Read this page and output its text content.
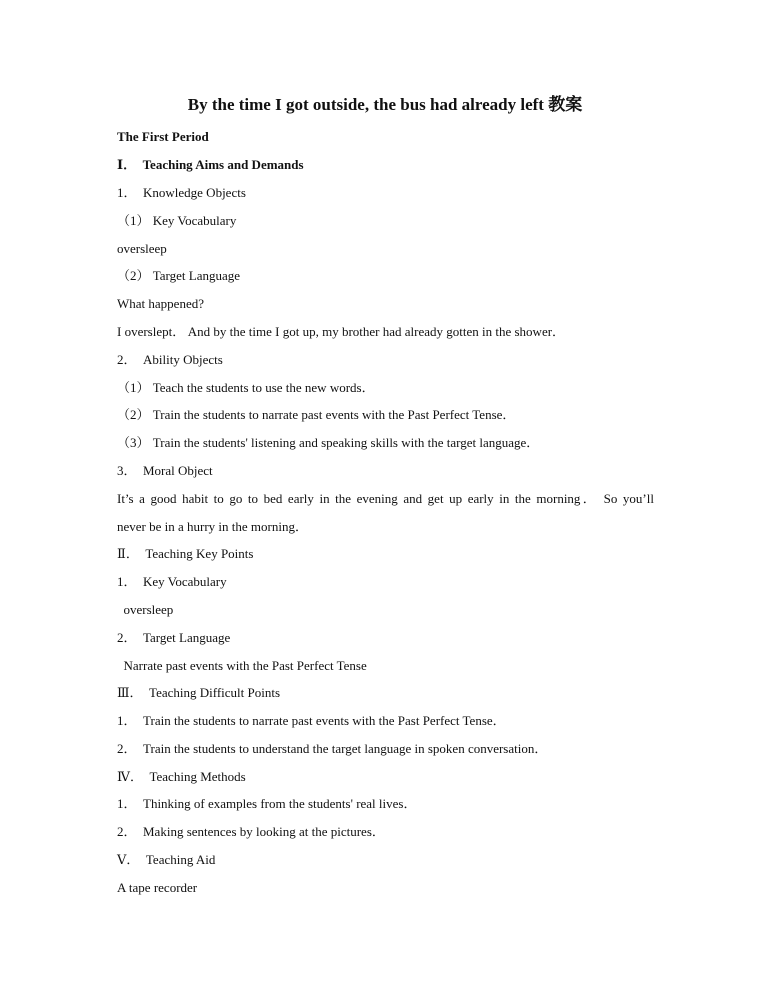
By the time I got outside, the bus had already left 教案
The First Period
Ⅰ．　Teaching Aims and Demands
1．　Knowledge Objects
（1） Key Vocabulary
oversleep
（2） Target Language
What happened?
I overslept． And by the time I got up, my brother had already gotten in the shower．
2．　Ability Objects
（1） Teach the students to use the new words．
（2） Train the students to narrate past events with the Past Perfect Tense．
（3） Train the students' listening and speaking skills with the target language．
3．　Moral Object
It’s a good habit to go to bed early in the evening and get up early in the morning． So you’ll
never be in a hurry in the morning．
Ⅱ．　Teaching Key Points
1．　Key Vocabulary
oversleep
2．　Target Language
Narrate past events with the Past Perfect Tense
Ⅲ．　Teaching Difficult Points
1．　Train the students to narrate past events with the Past Perfect Tense．
2．　Train the students to understand the target language in spoken conversation．
Ⅳ．　Teaching Methods
1．　Thinking of examples from the students' real lives．
2．　Making sentences by looking at the pictures．
Ⅴ．　Teaching Aid
A tape recorder
